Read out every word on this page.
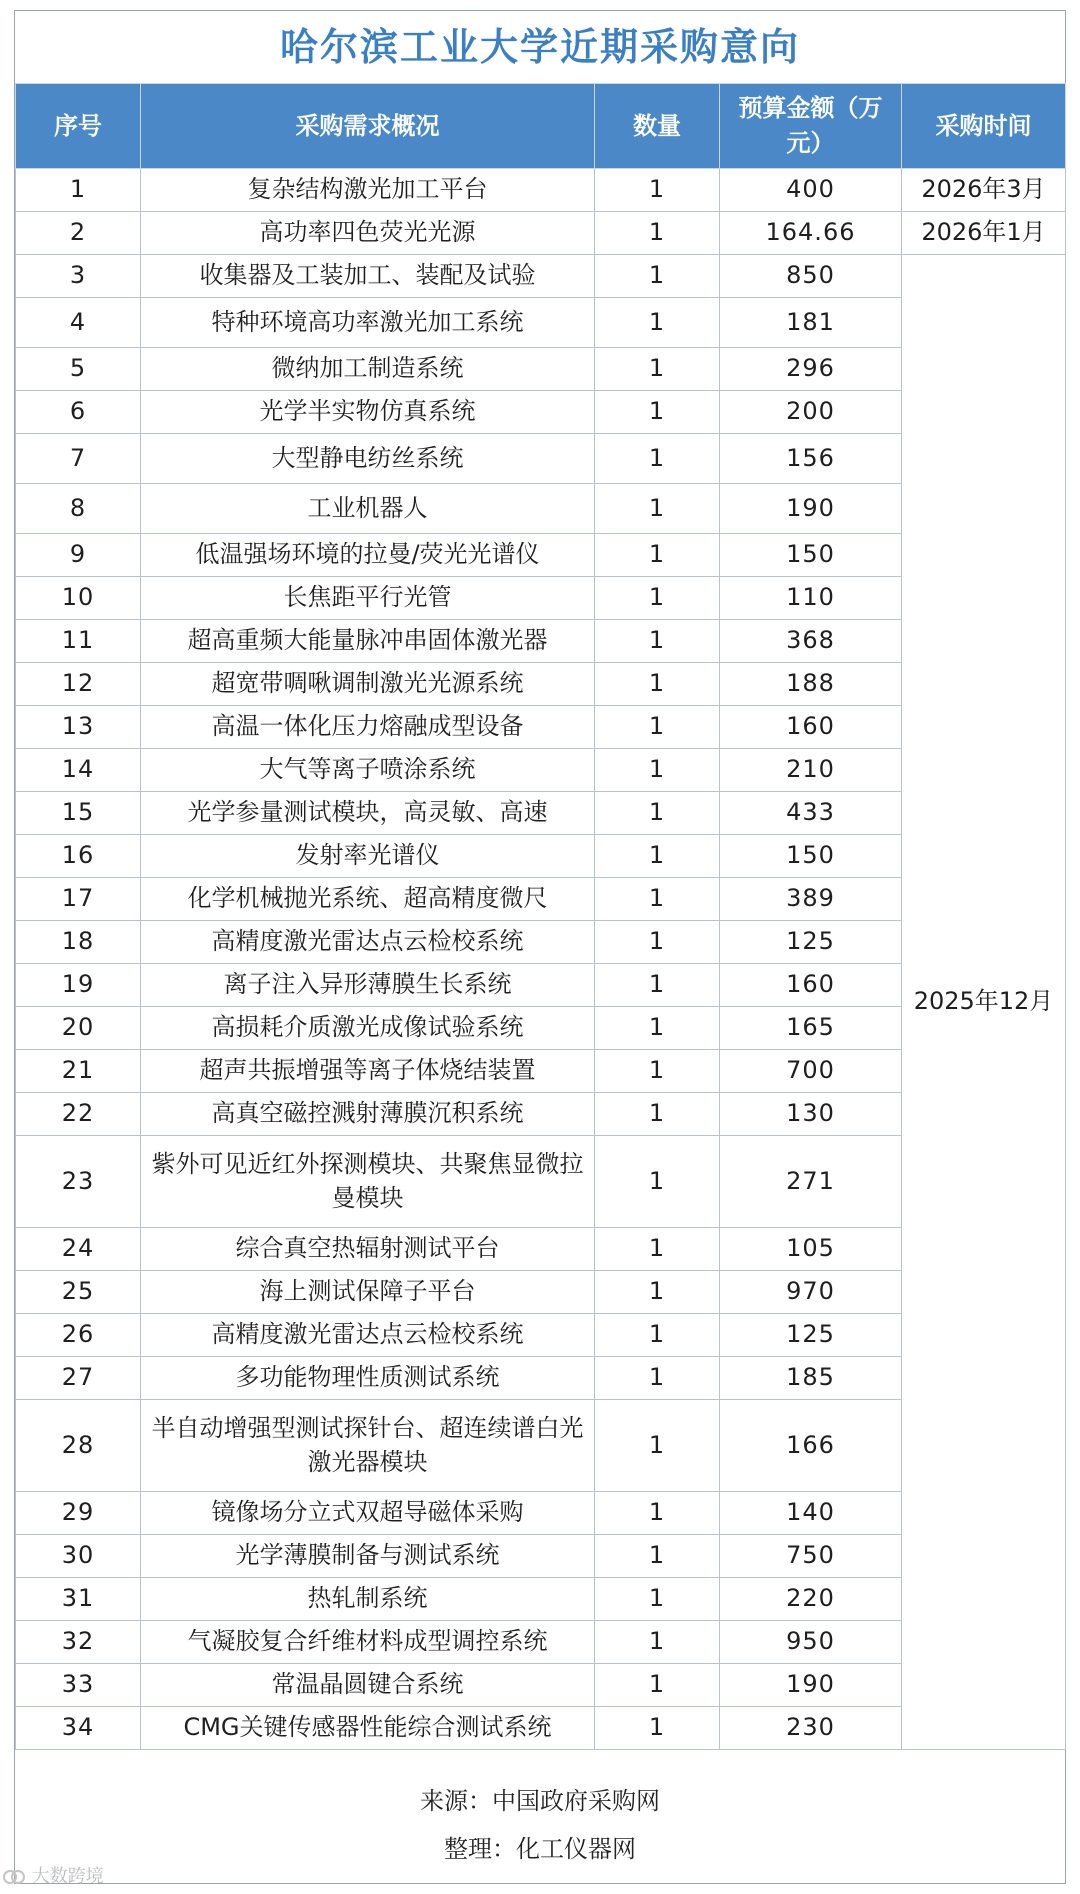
哈尔滨工业大学近期采购意向
序号	采购需求概况	数量	预算金额（万元）	采购时间
1	复杂结构激光加工平台	1	400	2026年3月
2	高功率四色荧光光源	1	164.66	2026年1月
3	收集器及工装加工、装配及试验	1	850	2025年12月
4	特种环境高功率激光加工系统	1	181	
5	微纳加工制造系统	1	296	
6	光学半实物仿真系统	1	200	
7	大型静电纺丝系统	1	156	
8	工业机器人	1	190	
9	低温强场环境的拉曼/荧光光谱仪	1	150	
10	长焦距平行光管	1	110	
11	超高重频大能量脉冲串固体激光器	1	368	
12	超宽带啁啾调制激光光源系统	1	188	
13	高温一体化压力熔融成型设备	1	160	
14	大气等离子喷涂系统	1	210	
15	光学参量测试模块，高灵敏、高速	1	433	
16	发射率光谱仪	1	150	
17	化学机械抛光系统、超高精度微尺	1	389	
18	高精度激光雷达点云检校系统	1	125	
19	离子注入异形薄膜生长系统	1	160	
20	高损耗介质激光成像试验系统	1	165	
21	超声共振增强等离子体烧结装置	1	700	
22	高真空磁控溅射薄膜沉积系统	1	130	
23	紫外可见近红外探测模块、共聚焦显微拉曼模块	1	271	
24	综合真空热辐射测试平台	1	105	
25	海上测试保障子平台	1	970	
26	高精度激光雷达点云检校系统	1	125	
27	多功能物理性质测试系统	1	185	
28	半自动增强型测试探针台、超连续谱白光激光器模块	1	166	
29	镜像场分立式双超导磁体采购	1	140	
30	光学薄膜制备与测试系统	1	750	
31	热轧制系统	1	220	
32	气凝胶复合纤维材料成型调控系统	1	950	
33	常温晶圆键合系统	1	190	
34	CMG关键传感器性能综合测试系统	1	230	
来源：中国政府采购网
整理：化工仪器网
大数跨境
